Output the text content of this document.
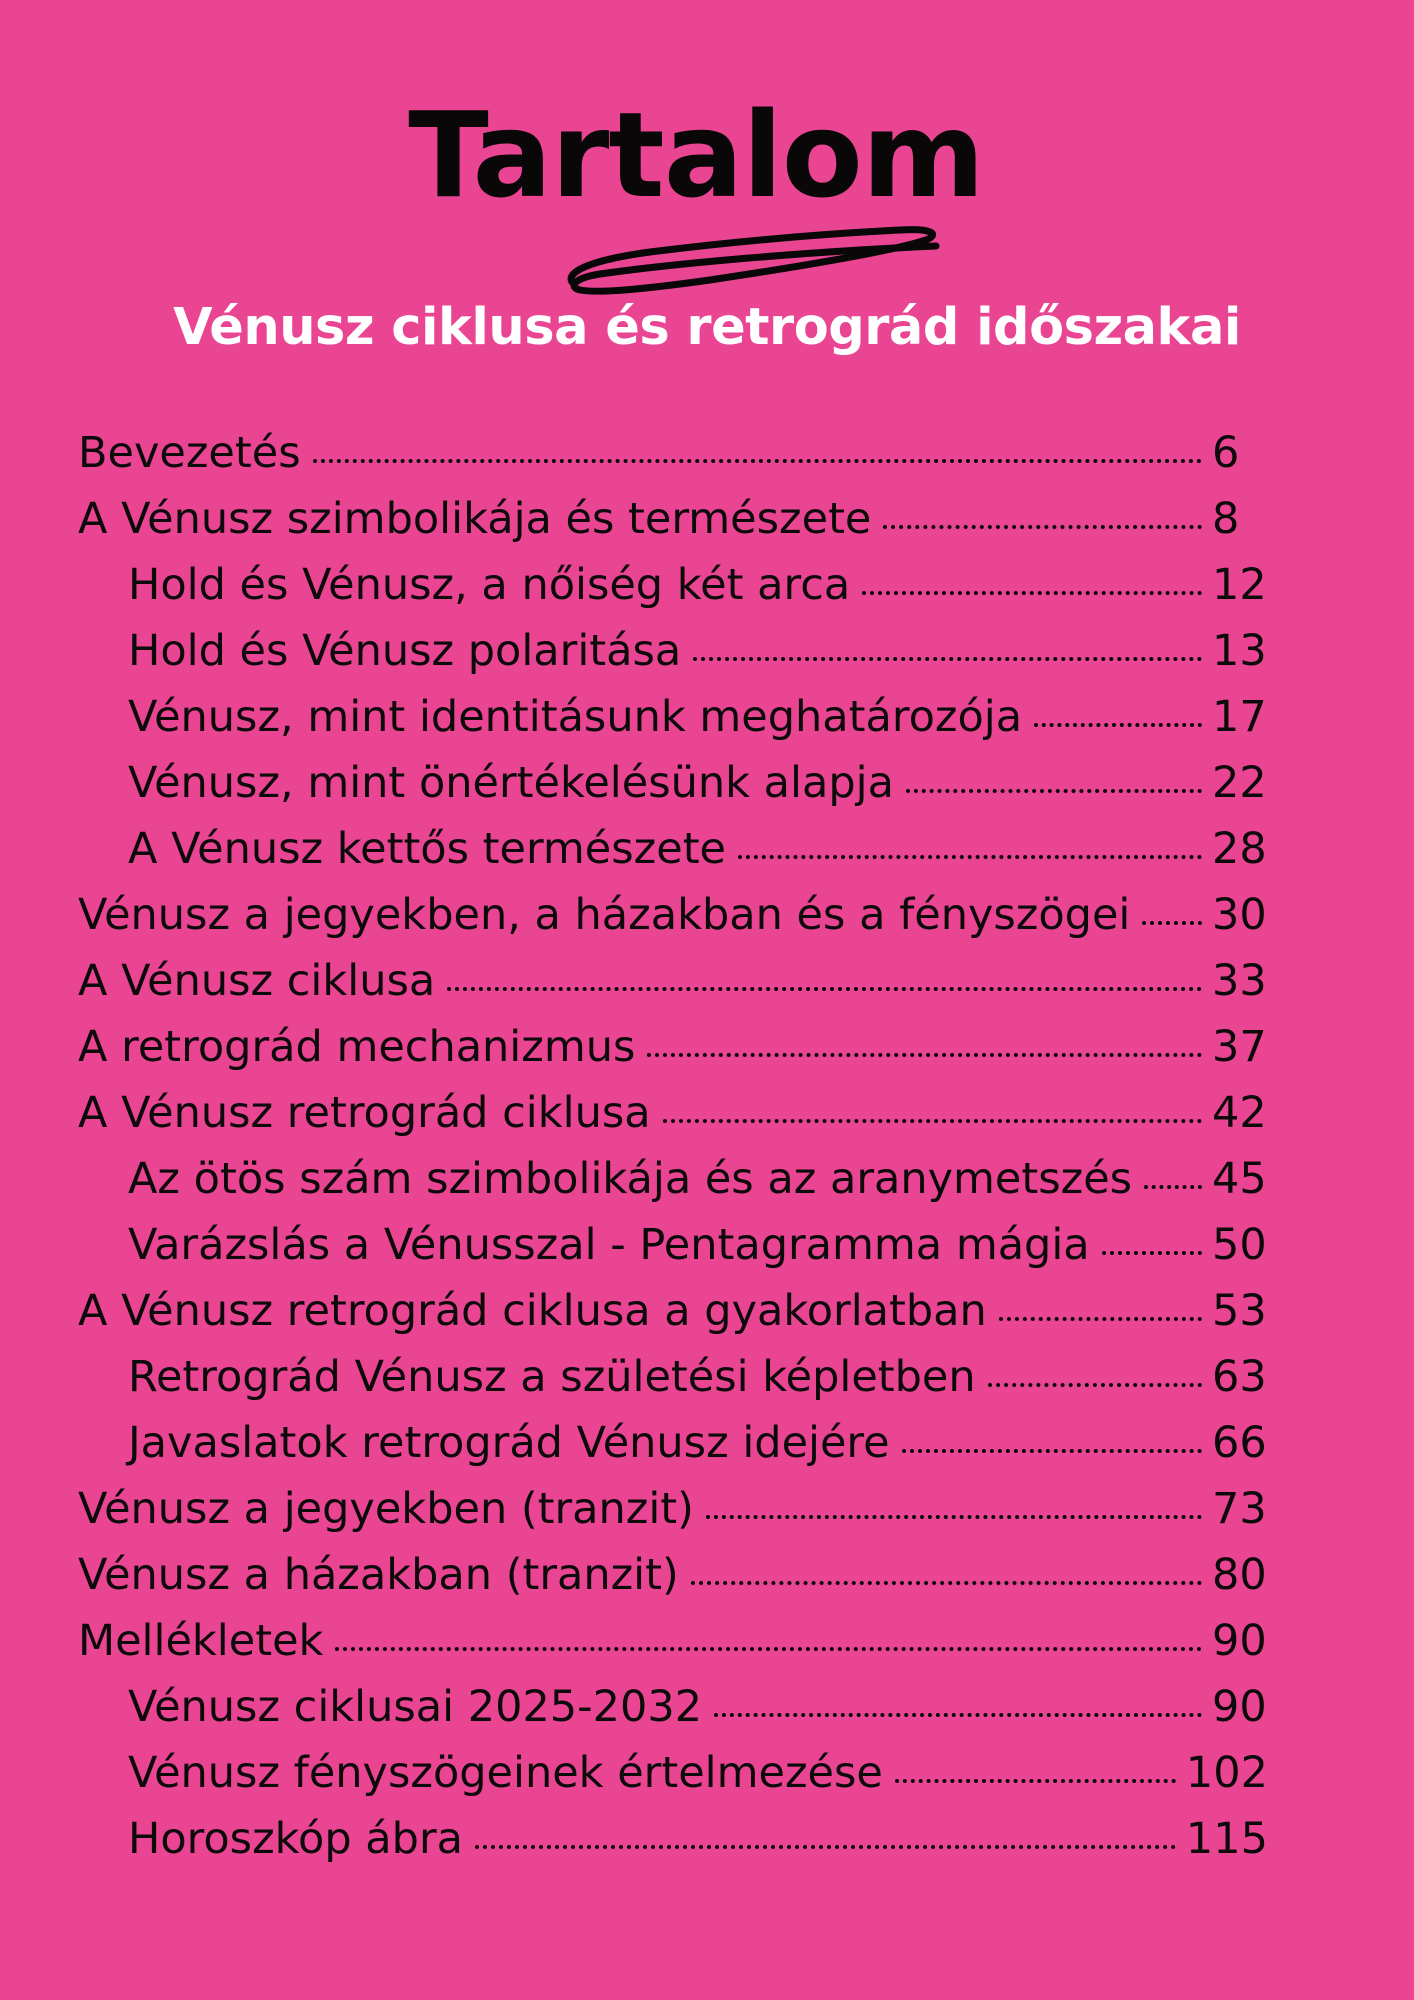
Tartalom
Vénusz ciklusa és retrográd időszakai
Bevezetés	6
A Vénusz szimbolikája és természete	8
Hold és Vénusz, a nőiség két arca	12
Hold és Vénusz polaritása	13
Vénusz, mint identitásunk meghatározója	17
Vénusz, mint önértékelésünk alapja	22
A Vénusz kettős természete	28
Vénusz a jegyekben, a házakban és a fényszögei 30
A Vénusz ciklusa	33
A retrográd mechanizmus	37
A Vénusz retrográd ciklusa	42
Az ötös szám szimbolikája és az aranymetszés 45
Varázslás a Vénusszal - Pentagramma mágia	50
A Vénusz retrográd ciklusa a gyakorlatban	53
Retrográd Vénusz a születési képletben	63
Javaslatok retrográd Vénusz idejére	66
Vénusz a jegyekben (tranzit)	73
Vénusz a házakban (tranzit)	80
Mellékletek	90
Vénusz ciklusai 2025-2032	90
Vénusz fényszögeinek értelmezése	102
Horoszkóp ábra	115
